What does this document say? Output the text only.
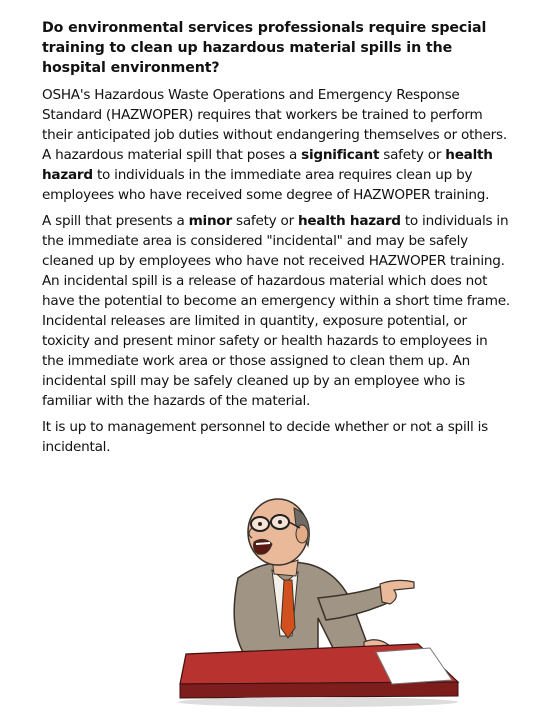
Do environmental services professionals require special training to clean up hazardous material spills in the hospital environment?

OSHA's Hazardous Waste Operations and Emergency Response Standard (HAZWOPER) requires that workers be trained to perform their anticipated job duties without endangering themselves or others. A hazardous material spill that poses a significant safety or health hazard to individuals in the immediate area requires clean up by employees who have received some degree of HAZWOPER training.

A spill that presents a minor safety or health hazard to individuals in the immediate area is considered "incidental" and may be safely cleaned up by employees who have not received HAZWOPER training. An incidental spill is a release of hazardous material which does not have the potential to become an emergency within a short time frame. Incidental releases are limited in quantity, exposure potential, or toxicity and present minor safety or health hazards to employees in the immediate work area or those assigned to clean them up. An incidental spill may be safely cleaned up by an employee who is familiar with the hazards of the material.

It is up to management personnel to decide whether or not a spill is incidental.
